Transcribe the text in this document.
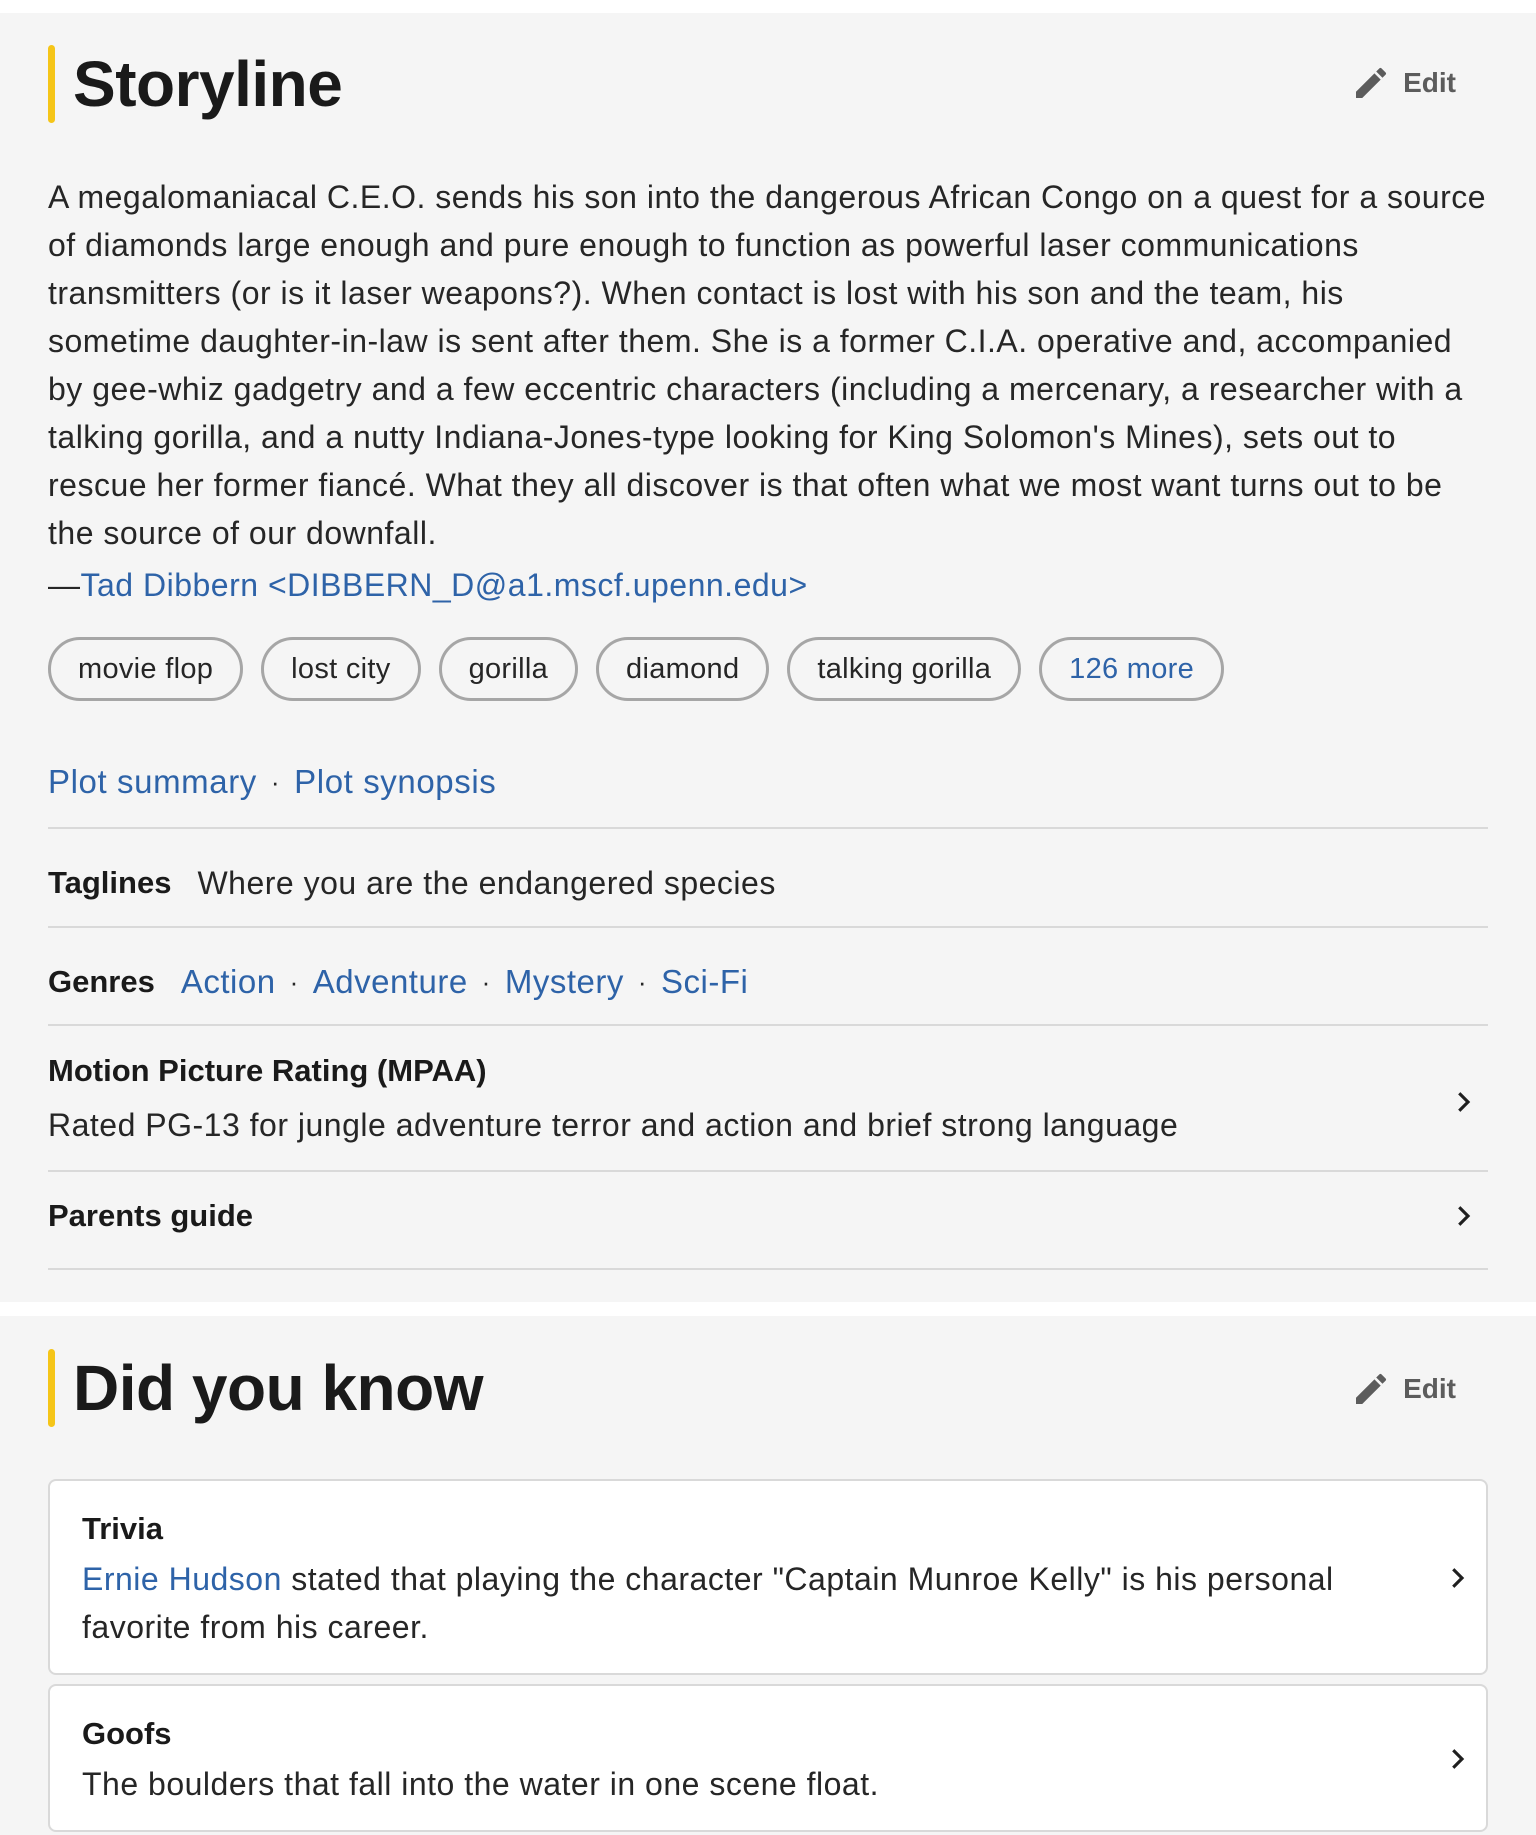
Storyline	Edit

A megalomaniacal C.E.O. sends his son into the dangerous African Congo on a quest for a source of diamonds large enough and pure enough to function as powerful laser communications transmitters (or is it laser weapons?). When contact is lost with his son and the team, his sometime daughter-in-law is sent after them. She is a former C.I.A. operative and, accompanied by gee-whiz gadgetry and a few eccentric characters (including a mercenary, a researcher with a talking gorilla, and a nutty Indiana-Jones-type looking for King Solomon's Mines), sets out to rescue her former fiancé. What they all discover is that often what we most want turns out to be the source of our downfall.

—Tad Dibbern <DIBBERN_D@a1.mscf.upenn.edu>
movie flop	lost city	gorilla	diamond	talking gorilla	126 more
Plot summary · Plot synopsis
Taglines Where you are the endangered species
Genres Action · Adventure · Mystery · Sci-Fi
Motion Picture Rating (MPAA)
Rated PG-13 for jungle adventure terror and action and brief strong language
Parents guide
Did you know	Edit
Trivia
Ernie Hudson stated that playing the character "Captain Munroe Kelly" is his personal favorite from his career.
Goofs
The boulders that fall into the water in one scene float.
